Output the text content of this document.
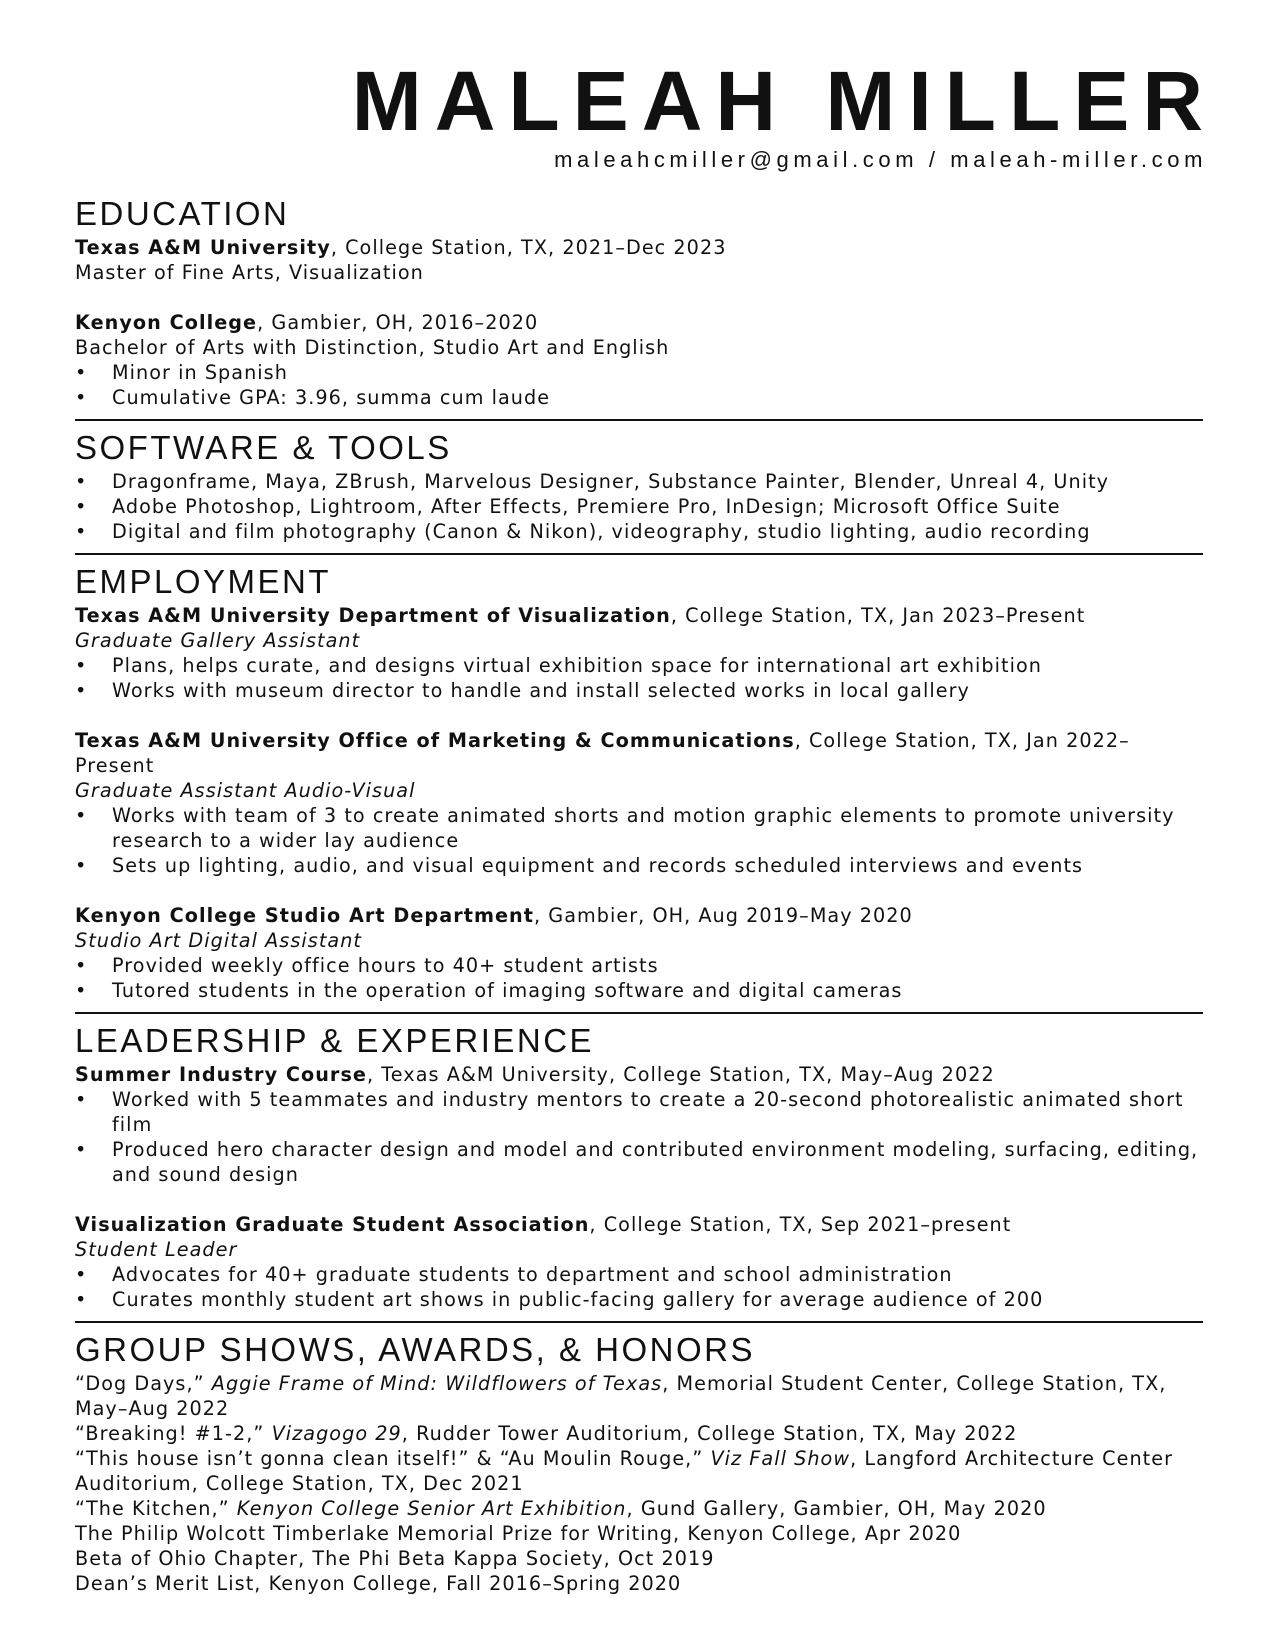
MALEAH MILLER

maleahcmiller@gmail.com / maleah-miller.com

EDUCATION

Texas A&M University, College Station, TX, 2021–Dec 2023

Master of Fine Arts, Visualization

Kenyon College, Gambier, OH, 2016–2020

Bachelor of Arts with Distinction, Studio Art and English

• Minor in Spanish
• Cumulative GPA: 3.96, summa cum laude
SOFTWARE & TOOLS
• Dragonframe, Maya, ZBrush, Marvelous Designer, Substance Painter, Blender, Unreal 4, Unity
• Adobe Photoshop, Lightroom, After Effects, Premiere Pro, InDesign; Microsoft Office Suite
• Digital and film photography (Canon & Nikon), videography, studio lighting, audio recording
EMPLOYMENT

Texas A&M University Department of Visualization, College Station, TX, Jan 2023–Present

Graduate Gallery Assistant

• Plans, helps curate, and designs virtual exhibition space for international art exhibition
• Works with museum director to handle and install selected works in local gallery

Texas A&M University Office of Marketing & Communications, College Station, TX, Jan 2022–

Present

Graduate Assistant Audio-Visual

• Works with team of 3 to create animated shorts and motion graphic elements to promote university research to a wider lay audience
• Sets up lighting, audio, and visual equipment and records scheduled interviews and events

Kenyon College Studio Art Department, Gambier, OH, Aug 2019–May 2020

Studio Art Digital Assistant

• Provided weekly office hours to 40+ student artists
• Tutored students in the operation of imaging software and digital cameras
LEADERSHIP & EXPERIENCE

Summer Industry Course, Texas A&M University, College Station, TX, May–Aug 2022

• Worked with 5 teammates and industry mentors to create a 20-second photorealistic animated short film
• Produced hero character design and model and contributed environment modeling, surfacing, editing, and sound design

Visualization Graduate Student Association, College Station, TX, Sep 2021–present

Student Leader

• Advocates for 40+ graduate students to department and school administration
• Curates monthly student art shows in public-facing gallery for average audience of 200
GROUP SHOWS, AWARDS, & HONORS

“Dog Days,” Aggie Frame of Mind: Wildflowers of Texas, Memorial Student Center, College Station, TX, May–Aug 2022

“Breaking! #1-2,” Vizagogo 29, Rudder Tower Auditorium, College Station, TX, May 2022

“This house isn’t gonna clean itself!” & “Au Moulin Rouge,” Viz Fall Show, Langford Architecture Center Auditorium, College Station, TX, Dec 2021

“The Kitchen,” Kenyon College Senior Art Exhibition, Gund Gallery, Gambier, OH, May 2020

The Philip Wolcott Timberlake Memorial Prize for Writing, Kenyon College, Apr 2020

Beta of Ohio Chapter, The Phi Beta Kappa Society, Oct 2019

Dean’s Merit List, Kenyon College, Fall 2016–Spring 2020
